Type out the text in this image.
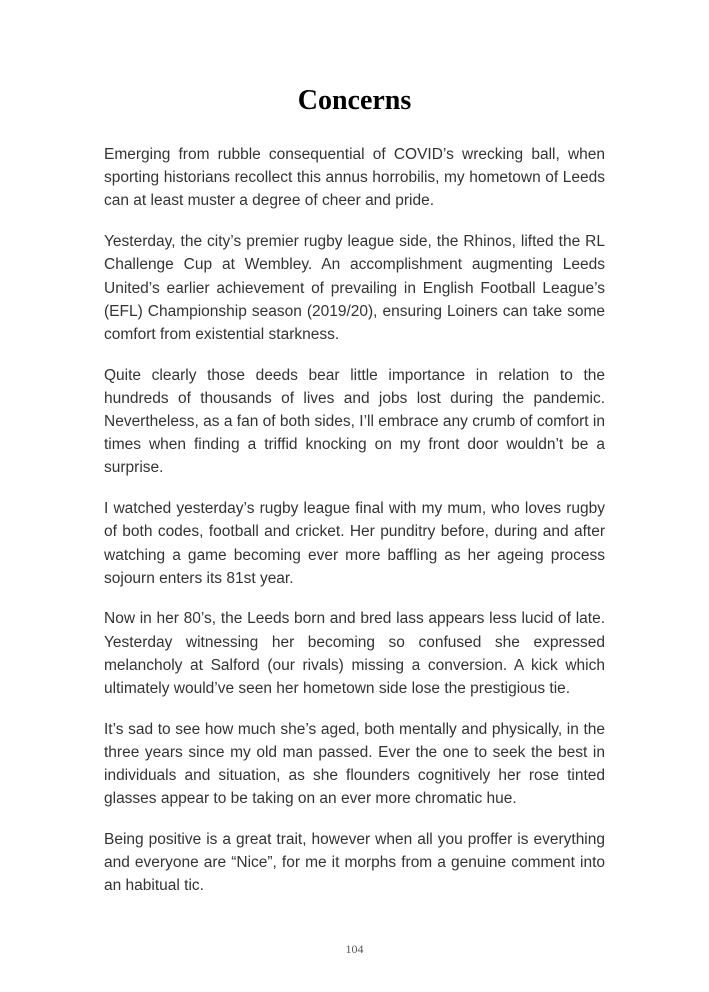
Concerns

Emerging from rubble consequential of COVID’s wrecking ball, when sporting historians recollect this annus horrobilis, my hometown of Leeds can at least muster a degree of cheer and pride.

Yesterday, the city’s premier rugby league side, the Rhinos, lifted the RL Challenge Cup at Wembley. An accomplishment augmenting Leeds United’s earlier achievement of prevailing in English Football League’s (EFL) Championship season (2019/20), ensuring Loiners can take some comfort from existential starkness.

Quite clearly those deeds bear little importance in relation to the hundreds of thousands of lives and jobs lost during the pandemic. Nevertheless, as a fan of both sides, I’ll embrace any crumb of comfort in times when finding a triffid knocking on my front door wouldn’t be a surprise.

I watched yesterday’s rugby league final with my mum, who loves rugby of both codes, football and cricket. Her punditry before, during and after watching a game becoming ever more baffling as her ageing process sojourn enters its 81st year.

Now in her 80’s, the Leeds born and bred lass appears less lucid of late. Yesterday witnessing her becoming so confused she expressed melancholy at Salford (our rivals) missing a conversion. A kick which ultimately would’ve seen her hometown side lose the prestigious tie.

It’s sad to see how much she’s aged, both mentally and physically, in the three years since my old man passed. Ever the one to seek the best in individuals and situation, as she flounders cognitively her rose tinted glasses appear to be taking on an ever more chromatic hue.

Being positive is a great trait, however when all you proffer is everything and everyone are “Nice”, for me it morphs from a genuine comment into an habitual tic.

104
